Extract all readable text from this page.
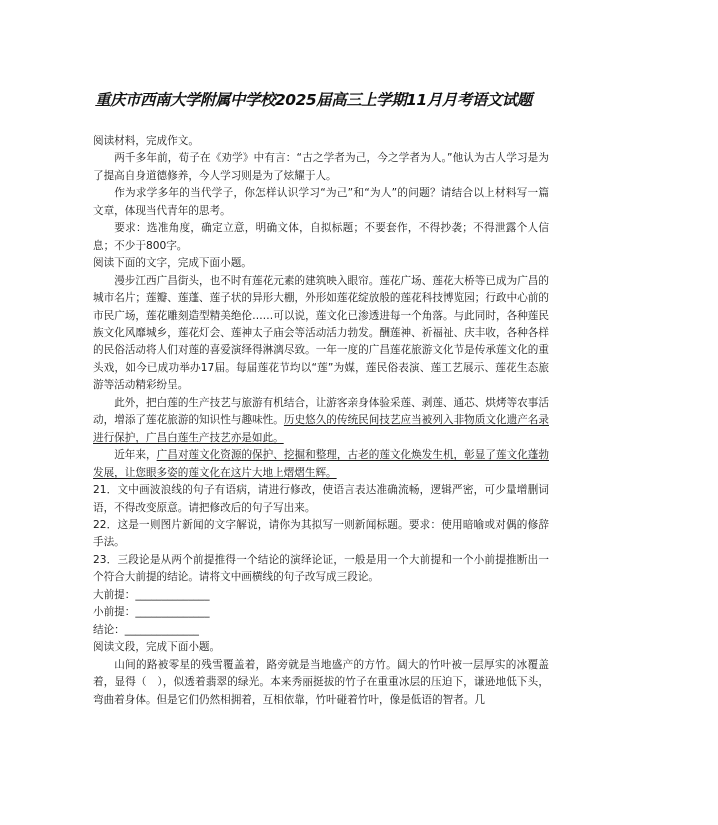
重庆市西南大学附属中学校2025届高三上学期11月月考语文试题

阅读材料，完成作文。

两千多年前，荀子在《劝学》中有言：“古之学者为己，今之学者为人。”他认为古人学习是为了提高自身道德修养，今人学习则是为了炫耀于人。

作为求学多年的当代学子，你怎样认识学习“为己”和“为人”的问题？请结合以上材料写一篇文章，体现当代青年的思考。

要求：选准角度，确定立意，明确文体，自拟标题；不要套作，不得抄袭；不得泄露个人信息；不少于800字。

阅读下面的文字，完成下面小题。

漫步江西广昌街头，也不时有莲花元素的建筑映入眼帘。莲花广场、莲花大桥等已成为广昌的城市名片；莲瓣、莲蓬、莲子状的异形大棚，外形如莲花绽放般的莲花科技博览园；行政中心前的市民广场，莲花雕刻造型精美绝伦……可以说，莲文化已渗透进每一个角落。与此同时，各种莲民族文化风靡城乡，莲花灯会、莲神太子庙会等活动活力勃发。酬莲神、祈福祉、庆丰收，各种各样的民俗活动将人们对莲的喜爱演绎得淋漓尽致。一年一度的广昌莲花旅游文化节是传承莲文化的重头戏，如今已成功举办17届。每届莲花节均以“莲”为媒，莲民俗表演、莲工艺展示、莲花生态旅游等活动精彩纷呈。

此外，把白莲的生产技艺与旅游有机结合，让游客亲身体验采莲、剥莲、通芯、烘烤等农事活动，增添了莲花旅游的知识性与趣味性。历史悠久的传统民间技艺应当被列入非物质文化遗产名录进行保护，广昌白莲生产技艺亦是如此。

近年来，广昌对莲文化资源的保护、挖掘和整理，古老的莲文化焕发生机，彰显了莲文化蓬勃发展，让您眼多姿的莲文化在这片大地上熠熠生辉。

21．文中画波浪线的句子有语病，请进行修改，使语言表达准确流畅，逻辑严密，可少量增删词语，不得改变原意。请把修改后的句子写出来。

22．这是一则图片新闻的文字解说，请你为其拟写一则新闻标题。要求：使用暗喻或对偶的修辞手法。

23．三段论是从两个前提推得一个结论的演绎论证，一般是用一个大前提和一个小前提推断出一个符合大前提的结论。请将文中画横线的句子改写成三段论。

大前提：______________

小前提：______________

结论：______________

阅读文段，完成下面小题。

山间的路被零星的残雪覆盖着，路旁就是当地盛产的方竹。阔大的竹叶被一层厚实的冰覆盖着，显得（　），似透着翡翠的绿光。本来秀丽挺拔的竹子在重重冰层的压迫下，谦逊地低下头，弯曲着身体。但是它们仍然相拥着，互相依靠，竹叶碰着竹叶，像是低语的智者。几
